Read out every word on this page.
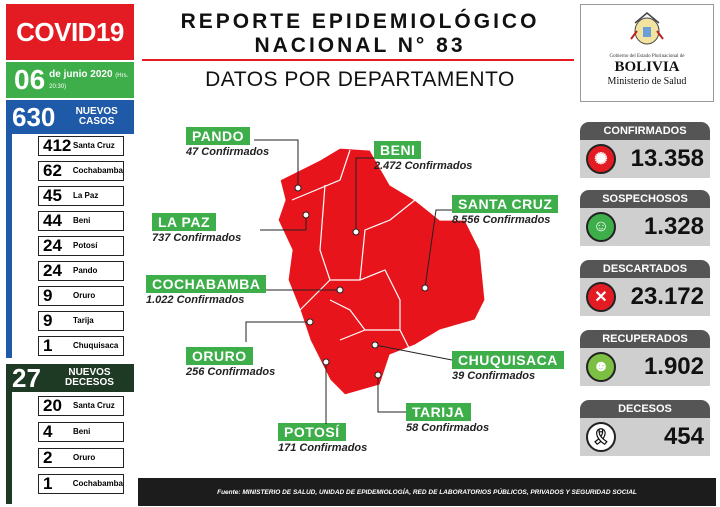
COVID19
06 de junio 2020 (Hrs. 20:30)
630	NUEVOS CASOS
412 Santa Cruz
62	Cochabamba
45	La Paz
44	Beni
24	Potosí
24	Pando
9	Oruro
9	Tarija
1	Chuquisaca
27	NUEVOS DECESOS
20	Santa Cruz
4	Beni
2	Oruro
1	Cochabamba
REPORTE EPIDEMIOLÓGICO
NACIONAL N° 83
DATOS POR DEPARTAMENTO
Gobierno del Estado Plurinacional de
BOLIVIA
Ministerio de Salud
PANDO
47 Confirmados	BENI
2.472 Confirmados
SANTA CRUZ
8.556 Confirmados
LA PAZ
737 Confirmados
COCHABAMBA
1.022 Confirmados
ORURO
256 Confirmados
CHUQUISACA
39 Confirmados
POTOSÍ
171 Confirmados
TARIJA
58 Confirmados
CONFIRMADOS
✺ 13.358
SOSPECHOSOS
☺	1.328
DESCARTADOS
✕ 23.172
RECUPERADOS
☻	1.902
DECESOS
🎗	454
Fuente: MINISTERIO DE SALUD, UNIDAD DE EPIDEMIOLOGÍA, RED DE LABORATORIOS PÚBLICOS, PRIVADOS Y SEGURIDAD SOCIAL
